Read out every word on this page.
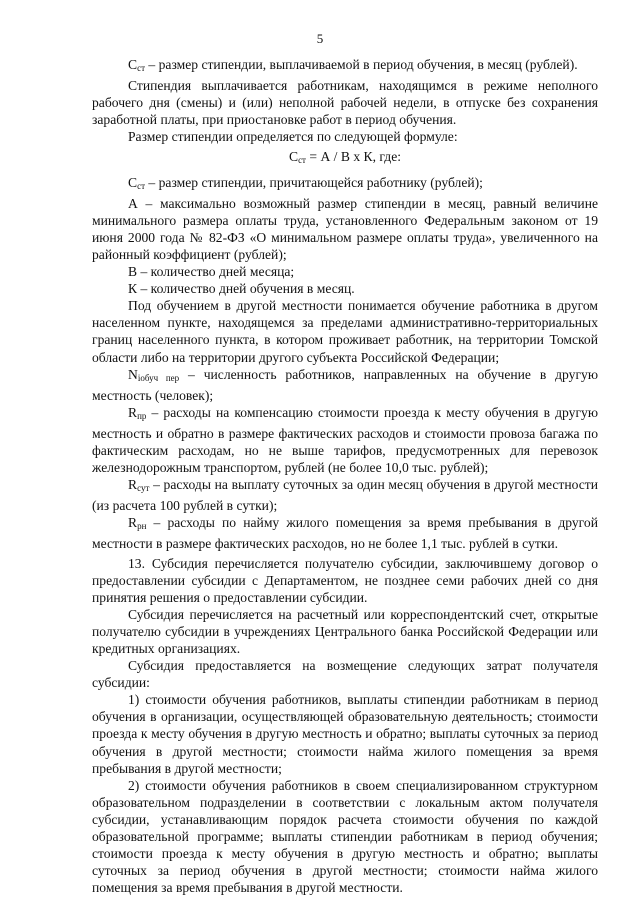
5

$С_{ст}$ – размер стипендии, выплачиваемой в период обучения, в месяц (рублей).

Стипендия выплачивается работникам, находящимся в режиме неполного рабочего дня (смены) и (или) неполной рабочей недели, в отпуске без сохранения заработной платы, при приостановке работ в период обучения.

Размер стипендии определяется по следующей формуле:

$С_{ст} = А / В$ х К, где:

$С_{ст}$ – размер стипендии, причитающейся работнику (рублей);

А – максимально возможный размер стипендии в месяц, равный величине минимального размера оплаты труда, установленного Федеральным законом от 19 июня 2000 года № 82-ФЗ «О минимальном размере оплаты труда», увеличенного на районный коэффициент (рублей);

В – количество дней месяца;

К – количество дней обучения в месяц.

Под обучением в другой местности понимается обучение работника в другом населенном пункте, находящемся за пределами административно-территориальных границ населенного пункта, в котором проживает работник, на территории Томской области либо на территории другого субъекта Российской Федерации;

$N_{iобуч пер}$ – численность работников, направленных на обучение в другую местность (человек);

$R_{пр}$ – расходы на компенсацию стоимости проезда к месту обучения в другую местность и обратно в размере фактических расходов и стоимости провоза багажа по фактическим расходам, но не выше тарифов, предусмотренных для перевозок железнодорожным транспортом, рублей (не более 10,0 тыс. рублей);

$R_{сут}$ – расходы на выплату суточных за один месяц обучения в другой местности (из расчета 100 рублей в сутки);

$R_{рн}$ – расходы по найму жилого помещения за время пребывания в другой местности в размере фактических расходов, но не более 1,1 тыс. рублей в сутки.

13. Субсидия перечисляется получателю субсидии, заключившему договор о предоставлении субсидии с Департаментом, не позднее семи рабочих дней со дня принятия решения о предоставлении субсидии.

Субсидия перечисляется на расчетный или корреспондентский счет, открытые получателю субсидии в учреждениях Центрального банка Российской Федерации или кредитных организациях.

Субсидия предоставляется на возмещение следующих затрат получателя субсидии:

1) стоимости обучения работников, выплаты стипендии работникам в период обучения в организации, осуществляющей образовательную деятельность; стоимости проезда к месту обучения в другую местность и обратно; выплаты суточных за период обучения в другой местности; стоимости найма жилого помещения за время пребывания в другой местности;

2) стоимости обучения работников в своем специализированном структурном образовательном подразделении в соответствии с локальным актом получателя субсидии, устанавливающим порядок расчета стоимости обучения по каждой образовательной программе; выплаты стипендии работникам в период обучения; стоимости проезда к месту обучения в другую местность и обратно; выплаты суточных за период обучения в другой местности; стоимости найма жилого помещения за время пребывания в другой местности.
